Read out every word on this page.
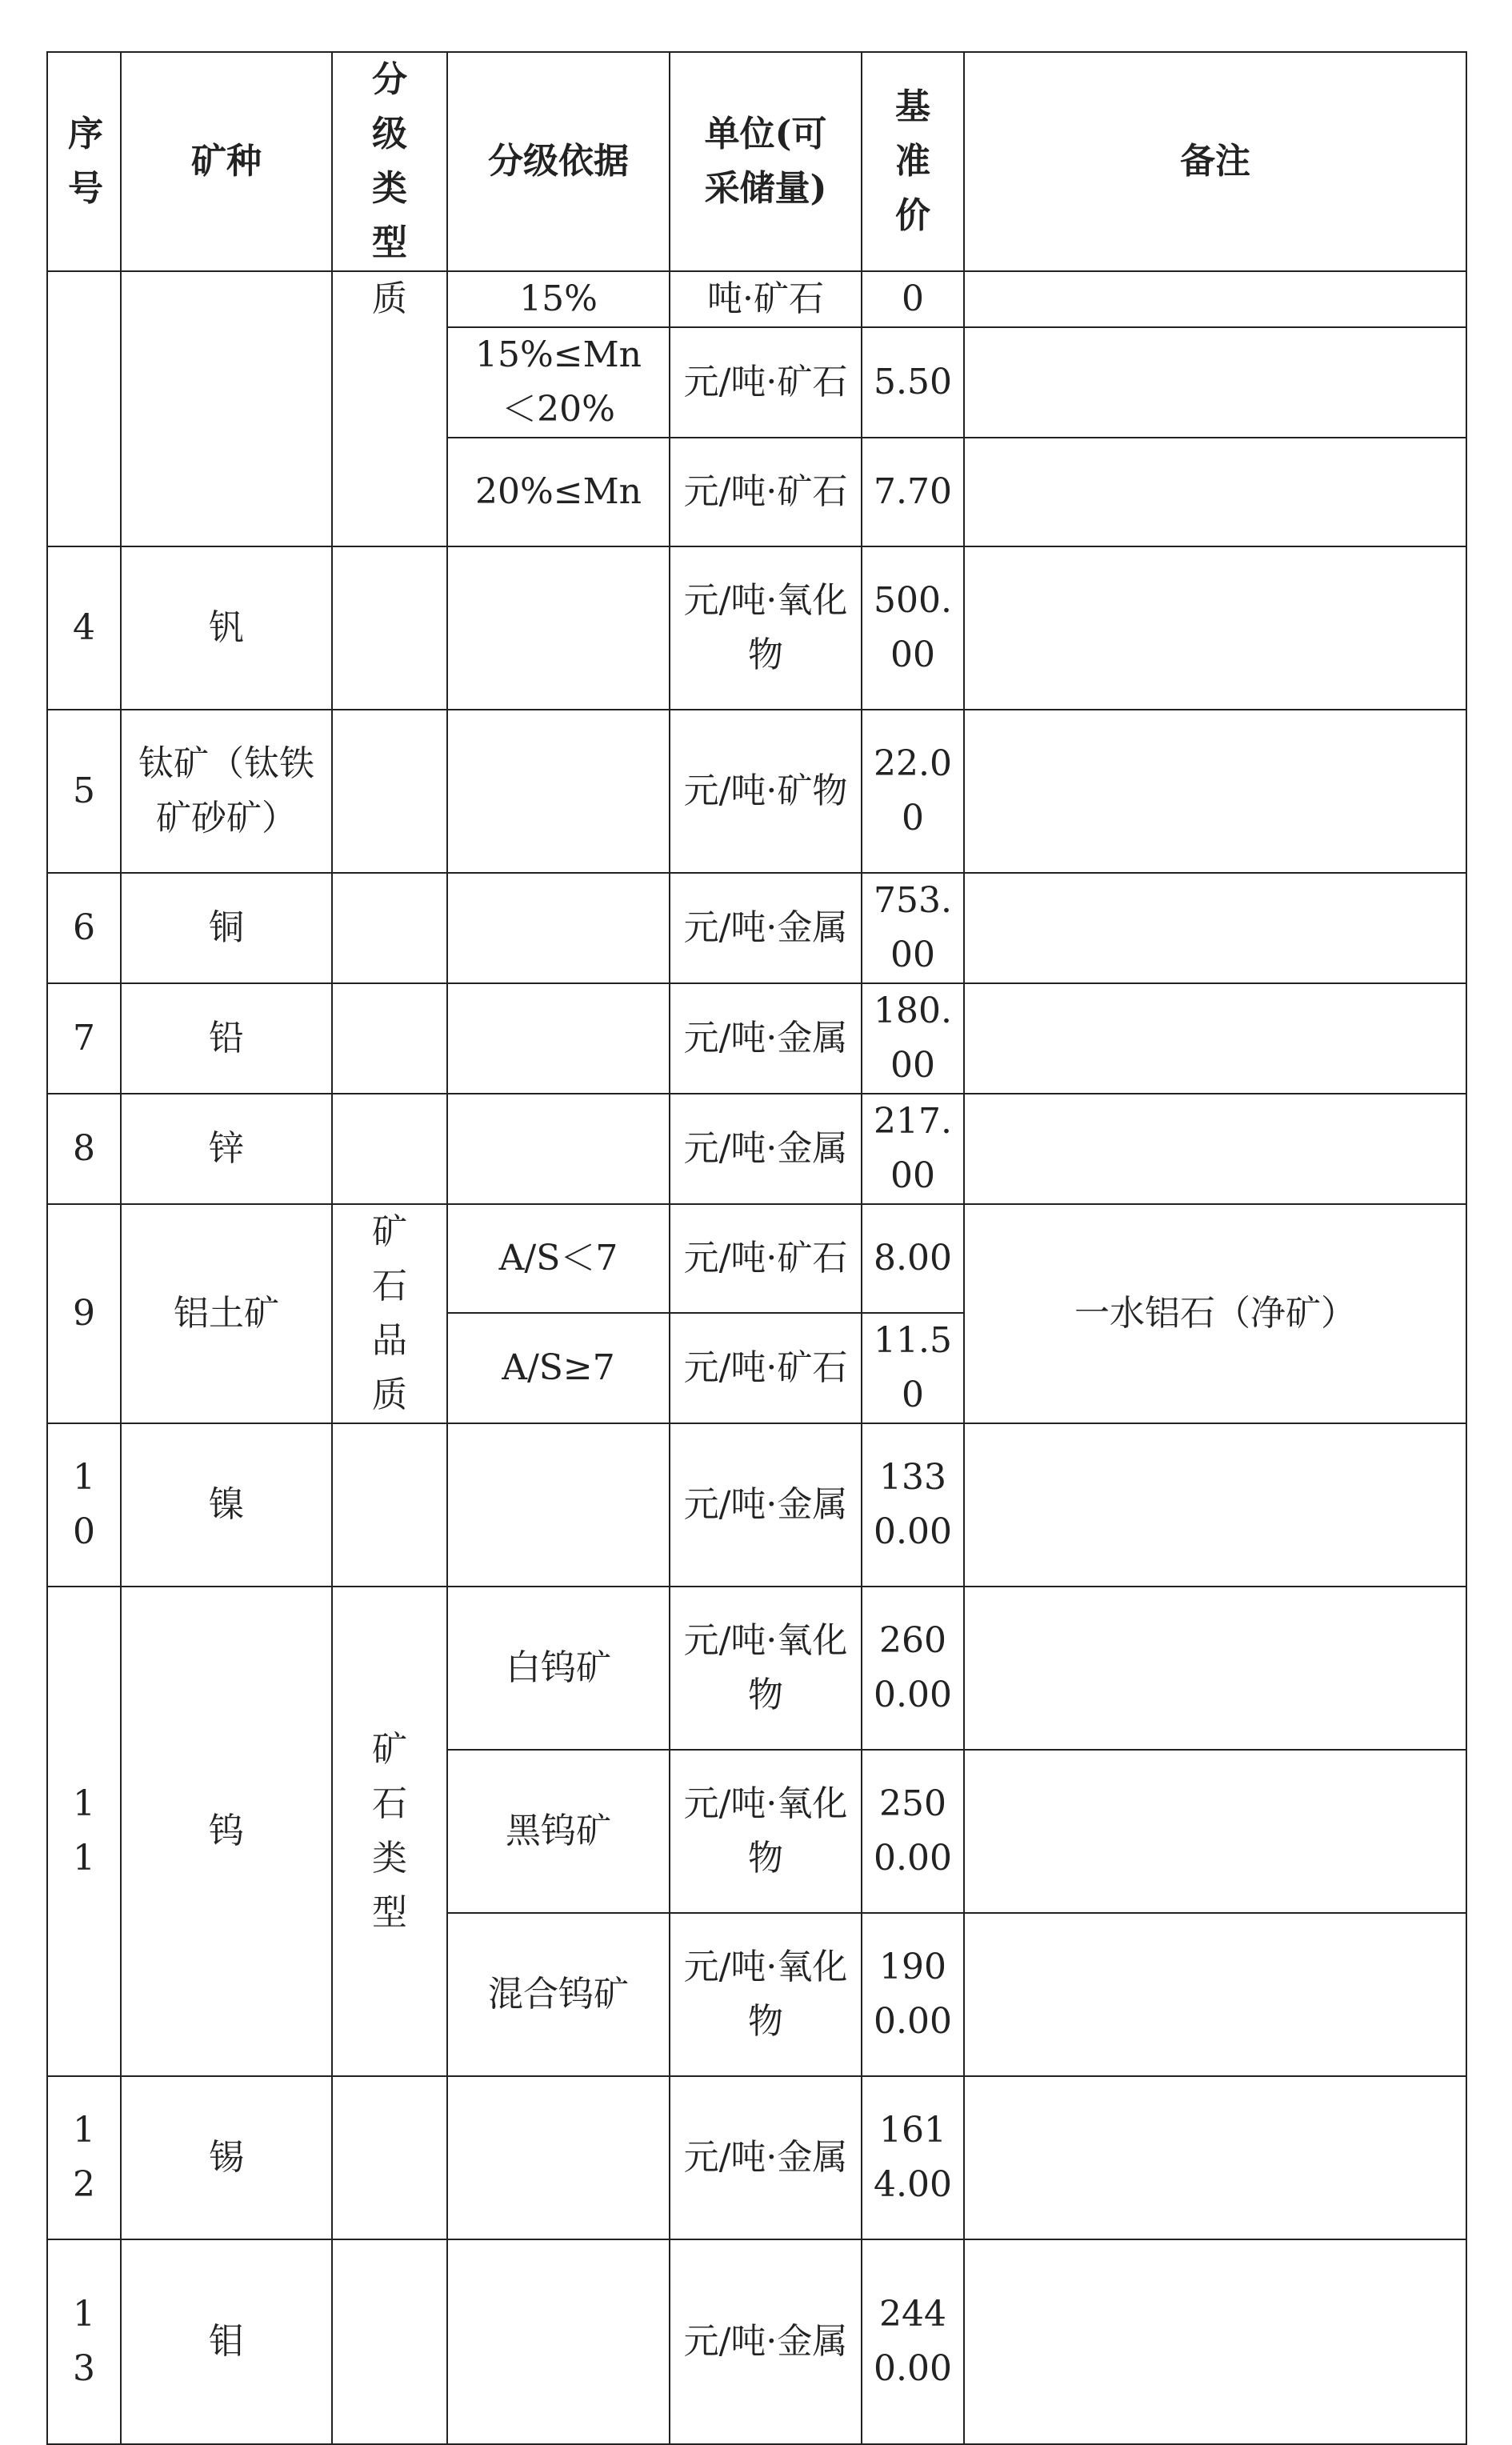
序号	矿种	分级类型	分级依据	单位(可采储量)	基准价	备注

		质	15%	吨·矿石	0	

			15%≤Mn＜20%	元/吨·矿石	5.50	

			20%≤Mn	元/吨·矿石	7.70	

4	钒			元/吨·氧化物	500.00	

5	钛矿（钛铁矿砂矿）			元/吨·矿物	22.00	

6	铜			元/吨·金属	753.00	

7	铅			元/吨·金属	180.00	

8	锌			元/吨·金属	217.00	

9	铝土矿	矿石品质	A/S＜7	元/吨·矿石	8.00	一水铝石（净矿）

			A/S≥7	元/吨·矿石	11.50	

10	镍			元/吨·金属	1330.00	

11	钨	矿石类型	白钨矿	元/吨·氧化物	2600.00	

			黑钨矿	元/吨·氧化物	2500.00	

			混合钨矿	元/吨·氧化物	1900.00	

12	锡			元/吨·金属	1614.00	

13	钼			元/吨·金属	2440.00	
